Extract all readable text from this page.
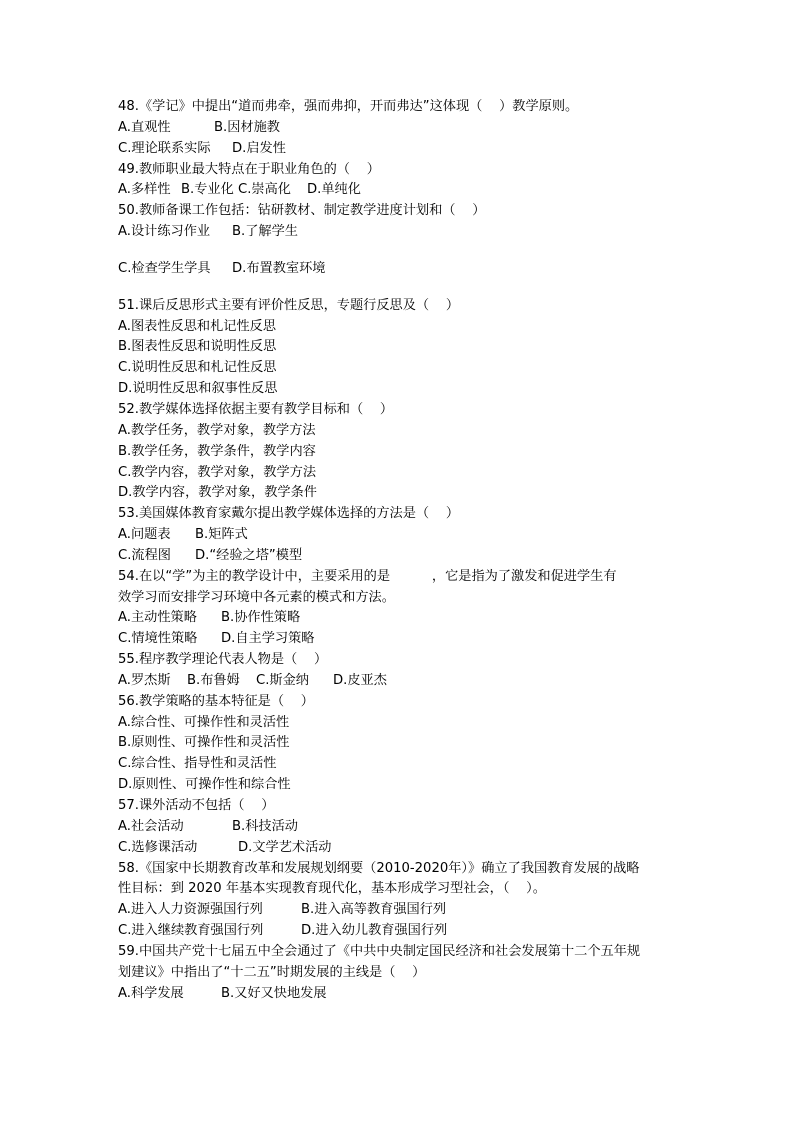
48.《学记》中提出“道而弗牵，强而弗抑，开而弗达”这体现（    ）教学原则。
A.直观性	B.因材施教
C.理论联系实际 D.启发性
49.教师职业最大特点在于职业角色的（    ）
A.多样性 B.专业化 C.崇高化 D.单纯化
50.教师备课工作包括：钻研教材、制定教学进度计划和（    ）
A.设计练习作业 B.了解学生
C.检查学生学具 D.布置教室环境
51.课后反思形式主要有评价性反思，专题行反思及（    ）
A.图表性反思和札记性反思
B.图表性反思和说明性反思
C.说明性反思和札记性反思
D.说明性反思和叙事性反思
52.教学媒体选择依据主要有教学目标和（    ）
A.教学任务，教学对象，教学方法
B.教学任务，教学条件，教学内容
C.教学内容，教学对象，教学方法
D.教学内容，教学对象，教学条件
53.美国媒体教育家戴尔提出教学媒体选择的方法是（    ）
A.问题表 B.矩阵式
C.流程图 D.“经验之塔”模型
54.在以“学”为主的教学设计中，主要采用的是          ，它是指为了激发和促进学生有
效学习而安排学习环境中各元素的模式和方法。
A.主动性策略 B.协作性策略
C.情境性策略 D.自主学习策略
55.程序教学理论代表人物是（    ）
A.罗杰斯 B.布鲁姆 C.斯金纳 D.皮亚杰
56.教学策略的基本特征是（    ）
A.综合性、可操作性和灵活性
B.原则性、可操作性和灵活性
C.综合性、指导性和灵活性
D.原则性、可操作性和综合性
57.课外活动不包括（    ）
A.社会活动	B.科技活动
C.选修课活动	D.文学艺术活动
58.《国家中长期教育改革和发展规划纲要（2010-2020年）》确立了我国教育发展的战略
性目标：到 2020 年基本实现教育现代化，基本形成学习型社会，（    ）。
A.进入人力资源强国行列	B.进入高等教育强国行列
C.进入继续教育强国行列	D.进入幼儿教育强国行列
59.中国共产党十七届五中全会通过了《中共中央制定国民经济和社会发展第十二个五年规
划建议》中指出了“十二五”时期发展的主线是（    ）
A.科学发展	B.又好又快地发展
